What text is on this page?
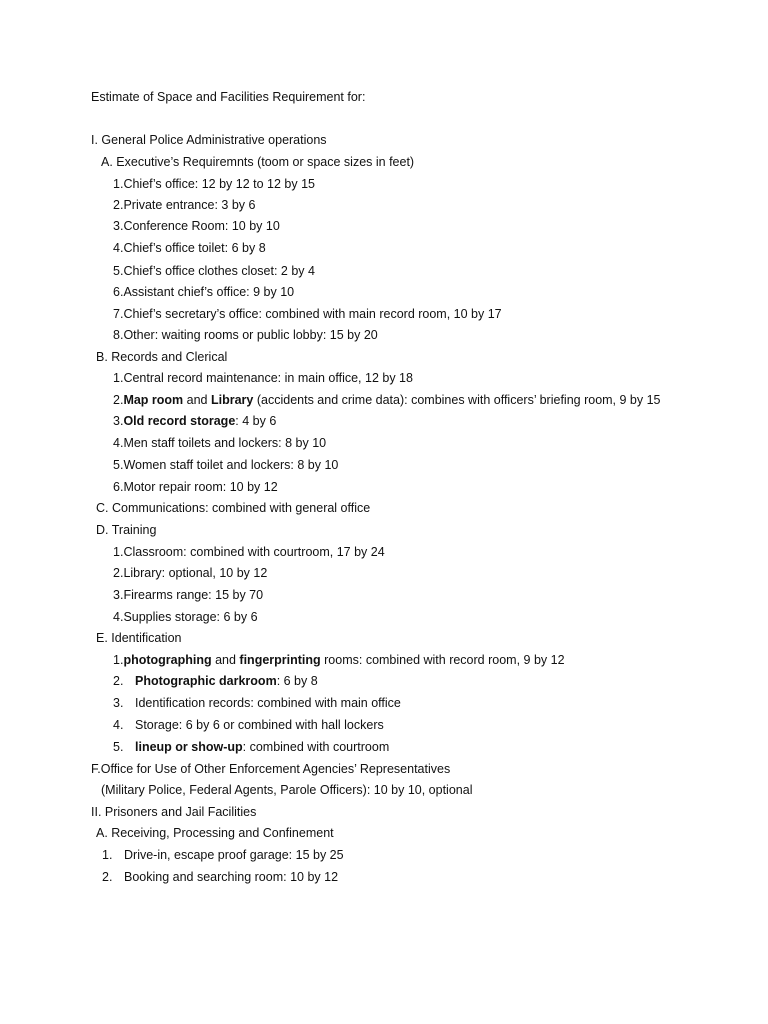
Estimate of Space and Facilities Requirement for:
I. General Police Administrative operations
A. Executive’s Requiremnts (toom or space sizes in feet)
1.Chief’s office: 12 by 12 to 12 by 15
2.Private entrance: 3 by 6
3.Conference Room: 10 by 10
4.Chief’s office toilet: 6 by 8
5.Chief’s office clothes closet: 2 by 4
6.Assistant chief’s office: 9 by 10
7.Chief’s secretary’s office: combined with main record room, 10 by 17
8.Other: waiting rooms or public lobby: 15 by 20
B. Records and Clerical
1.Central record maintenance: in main office, 12 by 18
2.Map room and Library (accidents and crime data): combines with officers’ briefing room, 9 by 15
3.Old record storage: 4 by 6
4.Men staff toilets and lockers: 8 by 10
5.Women staff toilet and lockers: 8 by 10
6.Motor repair room: 10 by 12
C. Communications: combined with general office
D. Training
1.Classroom: combined with courtroom, 17 by 24
2.Library: optional, 10 by 12
3.Firearms range: 15 by 70
4.Supplies storage: 6 by 6
E. Identification
1.photographing and fingerprinting rooms: combined with record room, 9 by 12
2. Photographic darkroom: 6 by 8
3. Identification records: combined with main office
4. Storage: 6 by 6 or combined with hall lockers
5. lineup or show-up: combined with courtroom
F.Office for Use of Other Enforcement Agencies’ Representatives
(Military Police, Federal Agents, Parole Officers): 10 by 10, optional
II. Prisoners and Jail Facilities
A. Receiving, Processing and Confinement
1. Drive-in, escape proof garage: 15 by 25
2. Booking and searching room: 10 by 12
